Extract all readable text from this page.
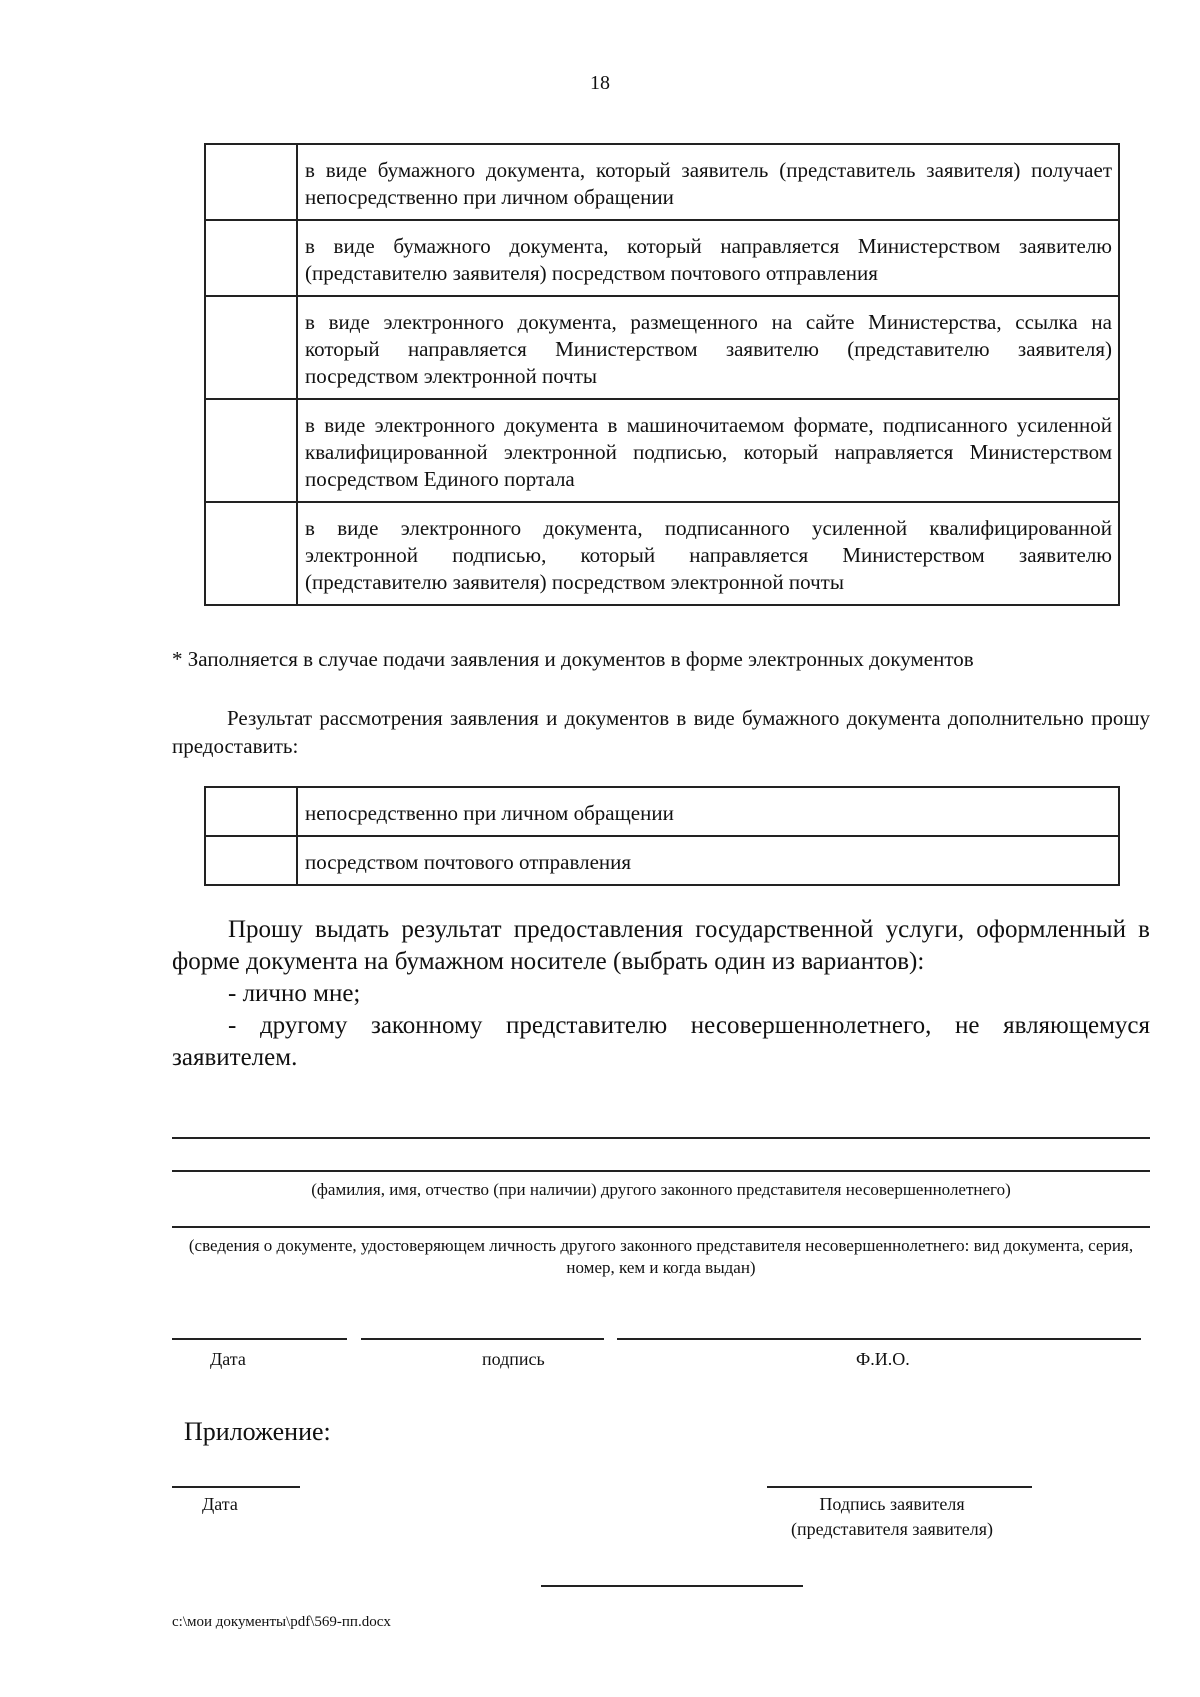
18
	в виде бумажного документа, который заявитель (представитель заявителя) получает непосредственно при личном обращении
	в виде бумажного документа, который направляется Министерством заявителю (представителю заявителя) посредством почтового отправления
	в виде электронного документа, размещенного на сайте Министерства, ссылка на который направляется Министерством заявителю (представителю заявителя) посредством электронной почты
	в виде электронного документа в машиночитаемом формате, подписанного усиленной квалифицированной электронной подписью, который направляется Министерством посредством Единого портала
	в виде электронного документа, подписанного усиленной квалифицированной электронной подписью, который направляется Министерством заявителю (представителю заявителя) посредством электронной почты
* Заполняется в случае подачи заявления и документов в форме электронных документов
Результат рассмотрения заявления и документов в виде бумажного документа дополнительно прошу предоставить:
	непосредственно при личном обращении
	посредством почтового отправления

Прошу выдать результат предоставления государственной услуги, оформленный в форме документа на бумажном носителе (выбрать один из вариантов):

- лично мне;

- другому законному представителю несовершеннолетнего, не являющемуся заявителем.

(фамилия, имя, отчество (при наличии) другого законного представителя несовершеннолетнего)
(сведения о документе, удостоверяющем личность другого законного представителя несовершеннолетнего: вид документа, серия, номер, кем и когда выдан)
Дата	подпись	Ф.И.О.
Приложение:
Дата	Подпись заявителя
(представителя заявителя)
c:\мои документы\pdf\569-пп.docx
